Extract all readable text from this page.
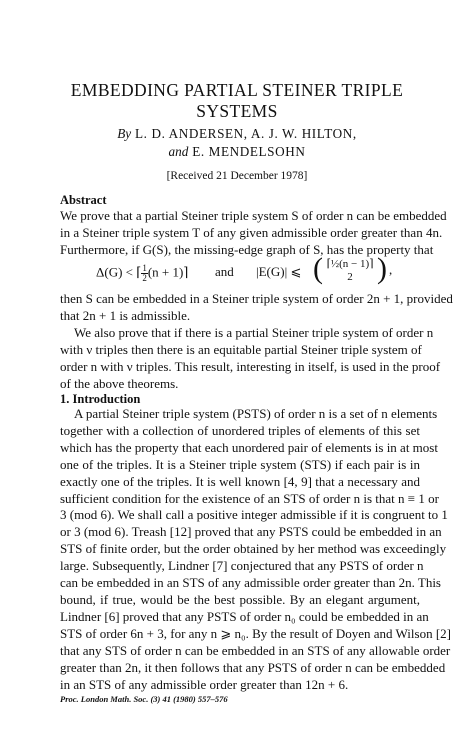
EMBEDDING PARTIAL STEINER TRIPLE
SYSTEMS
By L. D. ANDERSEN, A. J. W. HILTON,
and E. MENDELSOHN
[Received 21 December 1978]
Abstract
We prove that a partial Steiner triple system S of order n can be embedded
in a Steiner triple system T of any given admissible order greater than 4n.
Furthermore, if G(S), the missing-edge graph of S, has the property that
Δ(G) < ⌈ $\frac{1}{2} (n$ + 1)⌉ and |E(G)| ⩽ ( ⌈½(n − 1)⌉
2 ) ,
then S can be embedded in a Steiner triple system of order 2n + 1, provided
that 2n + 1 is admissible.
We also prove that if there is a partial Steiner triple system of order n
with ν triples then there is an equitable partial Steiner triple system of
order n with ν triples. This result, interesting in itself, is used in the proof
of the above theorems.
1. Introduction
A partial Steiner triple system (PSTS) of order n is a set of n elements
together with a collection of unordered triples of elements of this set
which has the property that each unordered pair of elements is in at most
one of the triples. It is a Steiner triple system (STS) if each pair is in
exactly one of the triples. It is well known [4, 9] that a necessary and
sufficient condition for the existence of an STS of order n is that n ≡ 1 or
3 (mod 6). We shall call a positive integer admissible if it is congruent to 1
or 3 (mod 6). Treash [12] proved that any PSTS could be embedded in an
STS of finite order, but the order obtained by her method was exceedingly
large. Subsequently, Lindner [7] conjectured that any PSTS of order n
can be embedded in an STS of any admissible order greater than 2n. This
bound, if true, would be the best possible. By an elegant argument,
Lindner [6] proved that any PSTS of order n₀ could be embedded in an
STS of order 6n + 3, for any n ⩾ n₀. By the result of Doyen and Wilson [2]
that any STS of order n can be embedded in an STS of any allowable order
greater than 2n, it then follows that any PSTS of order n can be embedded
in an STS of any admissible order greater than 12n + 6.
Proc. London Math. Soc. (3) 41 (1980) 557–576
